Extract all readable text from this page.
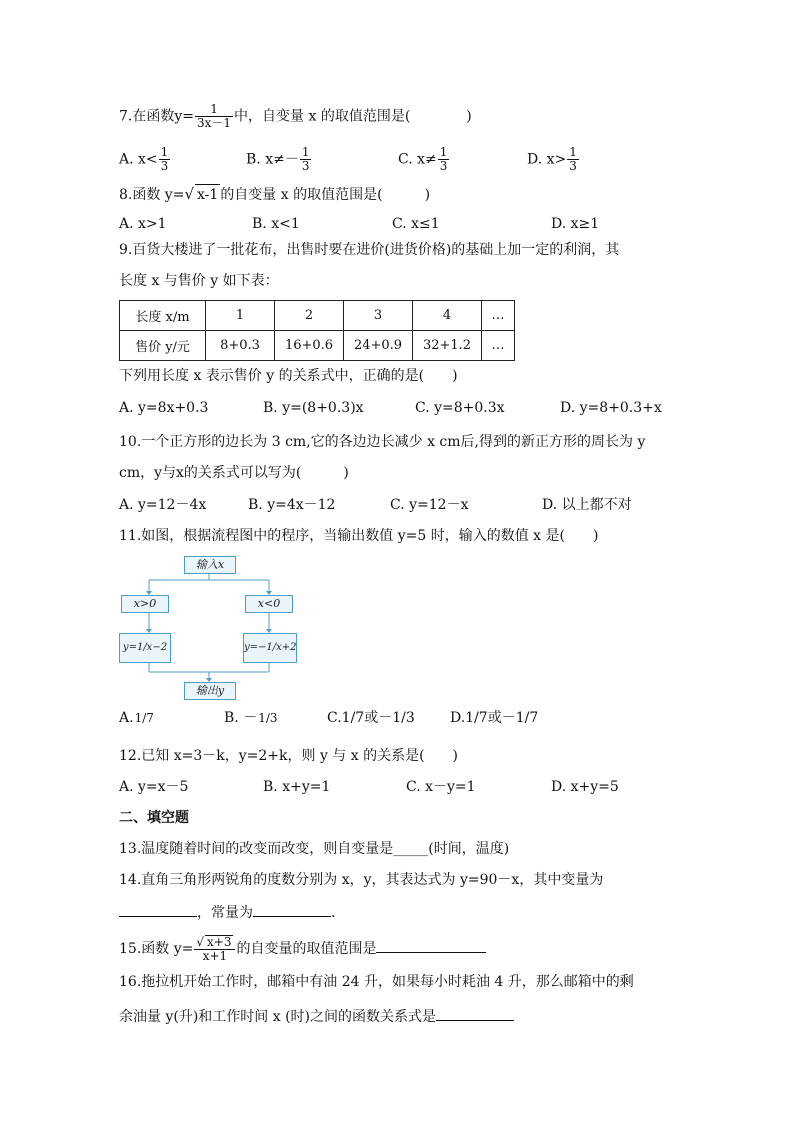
7.在函数$y= \frac{1}{3x-1}$ 中，自变量 x 的取值范围是(　　　　)
A. $x< \frac{1}{3}$	B. $x\ne- \frac{1}{3}$	C. $x\ne \frac{1}{3}$	D. $x> \frac{1}{3}$
8.函数 y=√ x-1 的自变量 x 的取值范围是(　　　)
A. x>1	B. x<1	C. x≤1	D. x≥1
9.百货大楼进了一批花布，出售时要在进价(进货价格)的基础上加一定的利润，其
长度 x 与售价 y 如下表：
长度 x/m	1	2	3	4	…
售价 y/元	8+0.3	16+0.6	24+0.9	32+1.2	…
下列用长度 x 表示售价 y 的关系式中，正确的是(　　)
A. y=8x+0.3	B. y=(8+0.3)x	C. y=8+0.3x	D. y=8+0.3+x
10.一个正方形的边长为 3 cm,它的各边边长减少 x cm后,得到的新正方形的周长为 y
cm，y与x的关系式可以写为(　　　)
A. y=12－4x	B. y=4x－12	C. y=12－x	D. 以上都不对
11.如图，根据流程图中的程序，当输出数值 y=5 时，输入的数值 x 是(　　)
输入x
x>0	x<0
y=1/x−2	y=−1/x+2
输出y
A.1/7	B. －1/3	C.1/7或－1/3	D.1/7或－1/7
12.已知 x=3－k，y=2+k，则 y 与 x 的关系是(　　)
A. y=x－5	B. x+y=1	C. x－y=1	D. x+y=5
二、填空题
13.温度随着时间的改变而改变，则自变量是_____(时间，温度)
14.直角三角形两锐角的度数分别为 x，y，其表达式为 y=90－x，其中变量为
，常量为	.
15.函数 $y= \frac{√ x+3}{x+1}$ 的自变量的取值范围是
16.拖拉机开始工作时，邮箱中有油 24 升，如果每小时耗油 4 升，那么邮箱中的剩
余油量 y(升)和工作时间 x (时)之间的函数关系式是
